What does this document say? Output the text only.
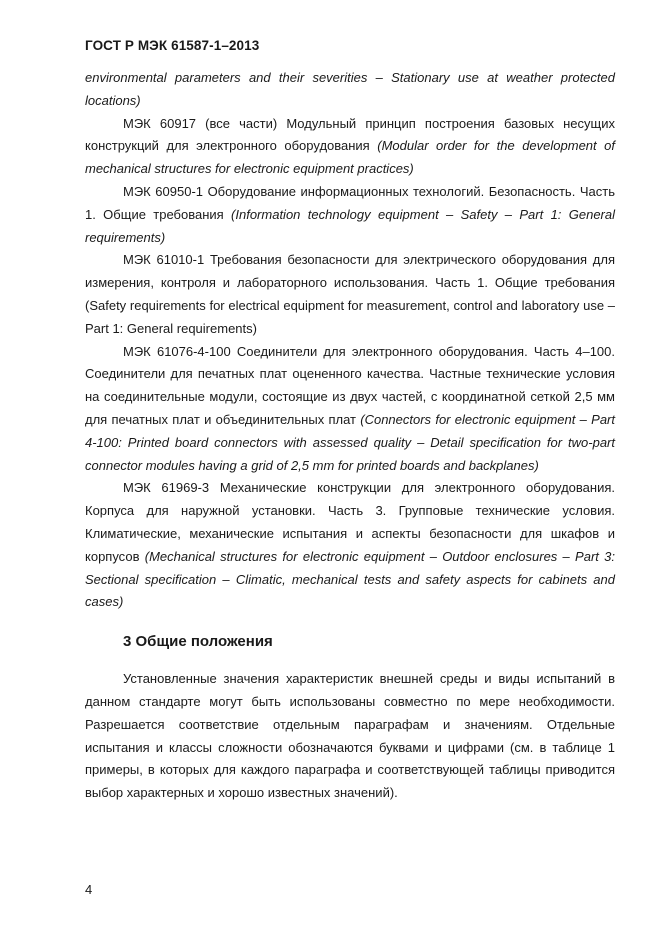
ГОСТ Р МЭК 61587-1–2013

environmental parameters and their severities – Stationary use at weather protected locations)

МЭК 60917 (все части) Модульный принцип построения базовых несущих конструкций для электронного оборудования (Modular order for the development of mechanical structures for electronic equipment practices)

МЭК 60950-1 Оборудование информационных технологий. Безопасность. Часть 1. Общие требования (Information technology equipment – Safety – Part 1: General requirements)

МЭК 61010-1 Требования безопасности для электрического оборудования для измерения, контроля и лабораторного использования. Часть 1. Общие требования (Safety requirements for electrical equipment for measurement, control and laboratory use – Part 1: General requirements)

МЭК 61076-4-100 Соединители для электронного оборудования. Часть 4–100. Соединители для печатных плат оцененного качества. Частные технические условия на соединительные модули, состоящие из двух частей, с координатной сеткой 2,5 мм для печатных плат и объединительных плат (Connectors for electronic equipment – Part 4-100: Printed board connectors with assessed quality – Detail specification for two-part connector modules having a grid of 2,5 mm for printed boards and backplanes)

МЭК 61969-3 Механические конструкции для электронного оборудования. Корпуса для наружной установки. Часть 3. Групповые технические условия. Климатические, механические испытания и аспекты безопасности для шкафов и корпусов (Mechanical structures for electronic equipment – Outdoor enclosures – Part 3: Sectional specification – Climatic, mechanical tests and safety aspects for cabinets and cases)

3 Общие положения

Установленные значения характеристик внешней среды и виды испытаний в данном стандарте могут быть использованы совместно по мере необходимости. Разрешается соответствие отдельным параграфам и значениям. Отдельные испытания и классы сложности обозначаются буквами и цифрами (см. в таблице 1 примеры, в которых для каждого параграфа и соответствующей таблицы приводится выбор характерных и хорошо известных значений).

4
